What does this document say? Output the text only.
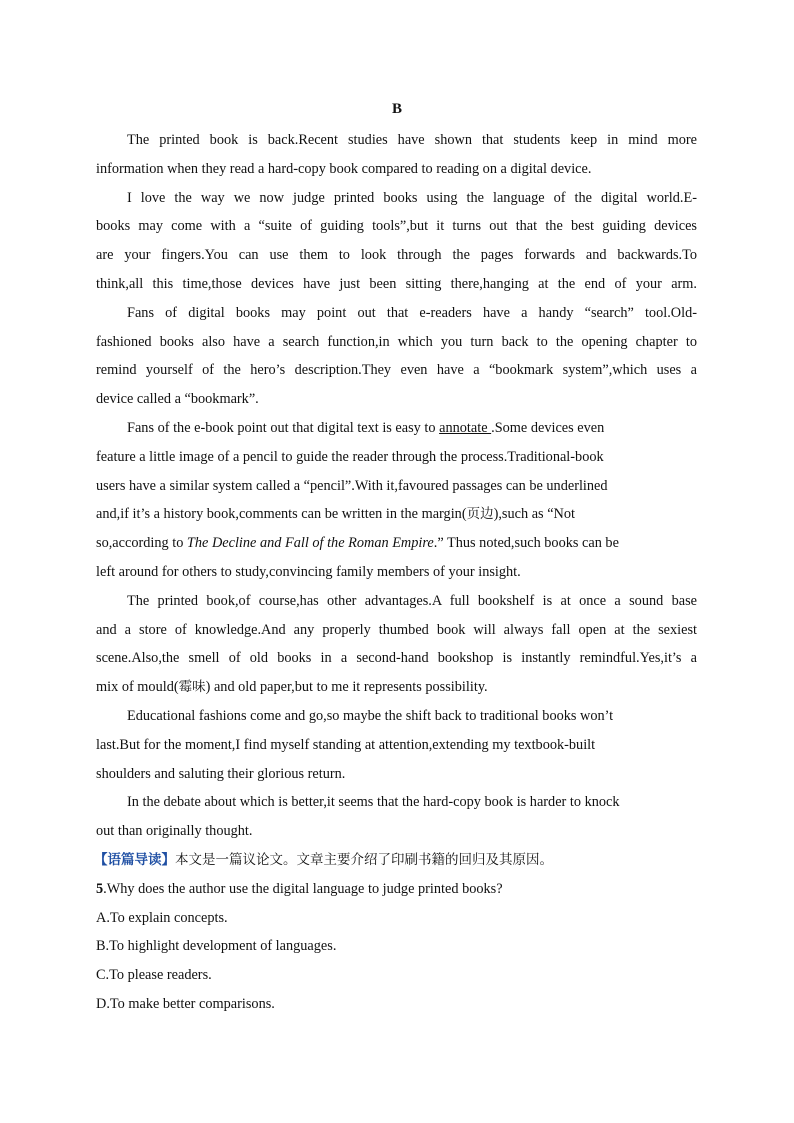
B

The printed book is back.Recent studies have shown that students keep in mind more

information when they read a hard-copy book compared to reading on a digital device.

I love the way we now judge printed books using the language of the digital world.E-

books may come with a “suite of guiding tools”,but it turns out that the best guiding devices

are your fingers.You can use them to look through the pages forwards and backwards.To

think,all this time,those devices have just been sitting there,hanging at the end of your arm.

Fans of digital books may point out that e-readers have a handy “search” tool.Old-

fashioned books also have a search function,in which you turn back to the opening chapter to

remind yourself of the hero’s description.They even have a “bookmark system”,which uses a

device called a “bookmark”.

Fans of the e-book point out that digital text is easy to annotate .Some devices even

feature a little image of a pencil to guide the reader through the process.Traditional-book

users have a similar system called a “pencil”.With it,favoured passages can be underlined

and,if it’s a history book,comments can be written in the margin(页边),such as “Not

so,according to The Decline and Fall of the Roman Empire.” Thus noted,such books can be

left around for others to study,convincing family members of your insight.

The printed book,of course,has other advantages.A full bookshelf is at once a sound base

and a store of knowledge.And any properly thumbed book will always fall open at the sexiest

scene.Also,the smell of old books in a second-hand bookshop is instantly remindful.Yes,it’s a

mix of mould(霉味) and old paper,but to me it represents possibility.

Educational fashions come and go,so maybe the shift back to traditional books won’t

last.But for the moment,I find myself standing at attention,extending my textbook-built

shoulders and saluting their glorious return.

In the debate about which is better,it seems that the hard-copy book is harder to knock

out than originally thought.

【语篇导读】本文是一篇议论文。文章主要介绍了印刷书籍的回归及其原因。

5.Why does the author use the digital language to judge printed books?

A.To explain concepts.

B.To highlight development of languages.

C.To please readers.

D.To make better comparisons.
